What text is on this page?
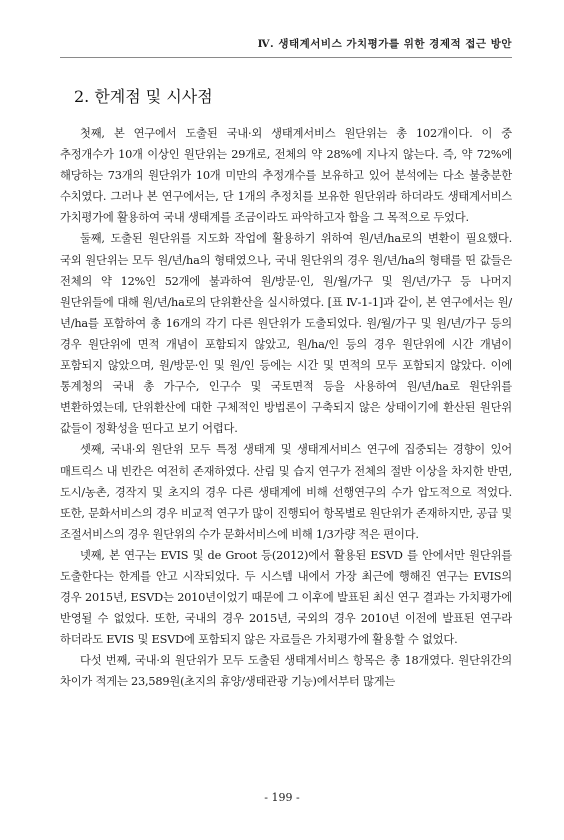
Ⅳ. 생태계서비스 가치평가를 위한 경제적 접근 방안
2. 한계점 및 시사점

첫째, 본 연구에서 도출된 국내·외 생태계서비스 원단위는 총 102개이다. 이 중 추정개수가 10개 이상인 원단위는 29개로, 전체의 약 28%에 지나지 않는다. 즉, 약 72%에 해당하는 73개의 원단위가 10개 미만의 추정개수를 보유하고 있어 분석에는 다소 불충분한 수치였다. 그러나 본 연구에서는, 단 1개의 추정치를 보유한 원단위라 하더라도 생태계서비스 가치평가에 활용하여 국내 생태계를 조금이라도 파악하고자 함을 그 목적으로 두었다.

둘째, 도출된 원단위를 지도화 작업에 활용하기 위하여 원/년/ha로의 변환이 필요했다. 국외 원단위는 모두 원/년/ha의 형태였으나, 국내 원단위의 경우 원/년/ha의 형태를 띤 값들은 전체의 약 12%인 52개에 불과하여 원/방문·인, 원/월/가구 및 원/년/가구 등 나머지 원단위들에 대해 원/년/ha로의 단위환산을 실시하였다. [표 Ⅳ-1-1]과 같이, 본 연구에서는 원/년/ha를 포함하여 총 16개의 각기 다른 원단위가 도출되었다. 원/월/가구 및 원/년/가구 등의 경우 원단위에 면적 개념이 포함되지 않았고, 원/ha/인 등의 경우 원단위에 시간 개념이 포함되지 않았으며, 원/방문·인 및 원/인 등에는 시간 및 면적의 모두 포함되지 않았다. 이에 통계청의 국내 총 가구수, 인구수 및 국토면적 등을 사용하여 원/년/ha로 원단위를 변환하였는데, 단위환산에 대한 구체적인 방법론이 구축되지 않은 상태이기에 환산된 원단위 값들이 정확성을 띤다고 보기 어렵다.

셋째, 국내·외 원단위 모두 특정 생태계 및 생태계서비스 연구에 집중되는 경향이 있어 매트릭스 내 빈칸은 여전히 존재하였다. 산림 및 습지 연구가 전체의 절반 이상을 차지한 반면, 도시/농촌, 경작지 및 초지의 경우 다른 생태계에 비해 선행연구의 수가 압도적으로 적었다. 또한, 문화서비스의 경우 비교적 연구가 많이 진행되어 항목별로 원단위가 존재하지만, 공급 및 조절서비스의 경우 원단위의 수가 문화서비스에 비해 1/3가량 적은 편이다.

넷째, 본 연구는 EVIS 및 de Groot 등(2012)에서 활용된 ESVD 를 안에서만 원단위를 도출한다는 한계를 안고 시작되었다. 두 시스템 내에서 가장 최근에 행해진 연구는 EVIS의 경우 2015년, ESVD는 2010년이었기 때문에 그 이후에 발표된 최신 연구 결과는 가치평가에 반영될 수 없었다. 또한, 국내의 경우 2015년, 국외의 경우 2010년 이전에 발표된 연구라 하더라도 EVIS 및 ESVD에 포함되지 않은 자료들은 가치평가에 활용할 수 없었다.

다섯 번째, 국내·외 원단위가 모두 도출된 생태계서비스 항목은 총 18개였다. 원단위간의 차이가 적게는 23,589원(초지의 휴양/생태관광 기능)에서부터 많게는

- 199 -
